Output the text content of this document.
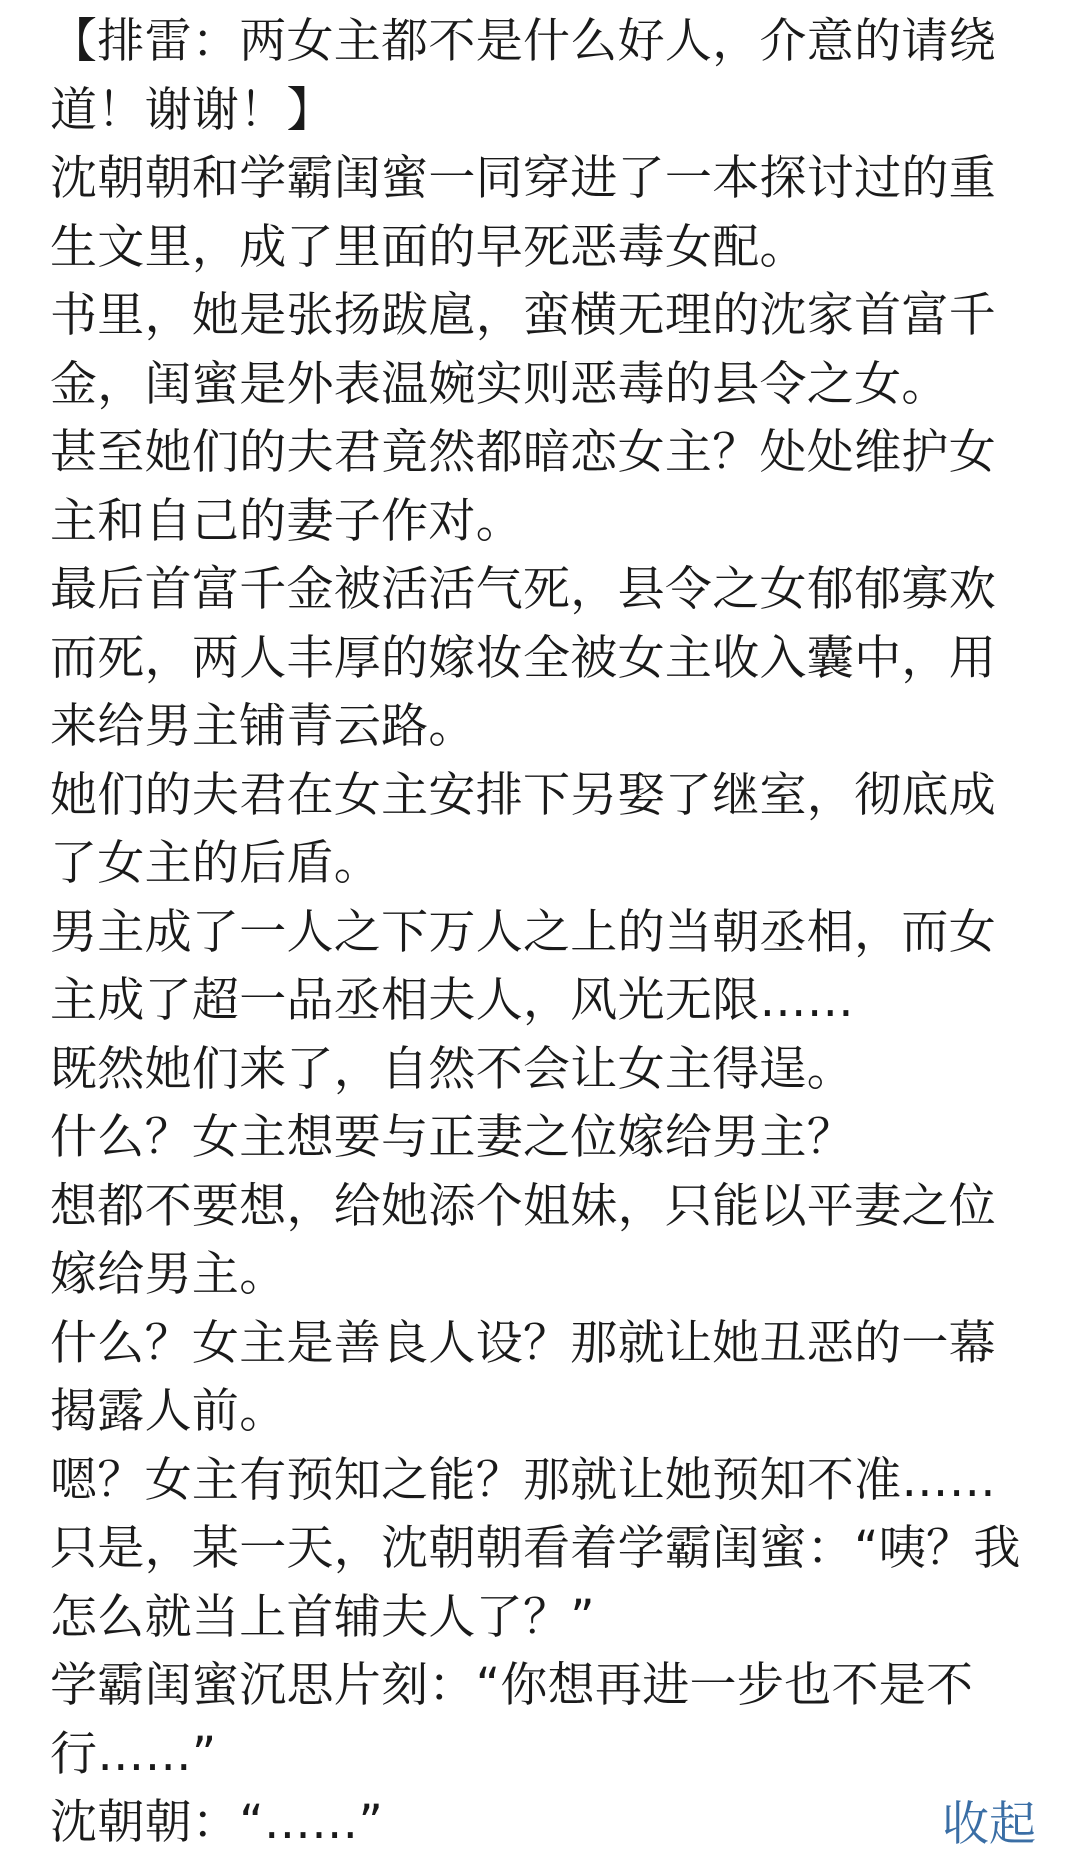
【排雷：两女主都不是什么好人，介意的请绕道！谢谢！】

沈朝朝和学霸闺蜜一同穿进了一本探讨过的重生文里，成了里面的早死恶毒女配。

书里，她是张扬跋扈，蛮横无理的沈家首富千金，闺蜜是外表温婉实则恶毒的县令之女。

甚至她们的夫君竟然都暗恋女主？处处维护女主和自己的妻子作对。

最后首富千金被活活气死，县令之女郁郁寡欢而死，两人丰厚的嫁妆全被女主收入囊中，用来给男主铺青云路。

她们的夫君在女主安排下另娶了继室，彻底成了女主的后盾。

男主成了一人之下万人之上的当朝丞相，而女主成了超一品丞相夫人，风光无限……

既然她们来了，自然不会让女主得逞。

什么？女主想要与正妻之位嫁给男主？

想都不要想，给她添个姐妹，只能以平妻之位嫁给男主。

什么？女主是善良人设？那就让她丑恶的一幕揭露人前。

嗯？女主有预知之能？那就让她预知不准……

只是，某一天，沈朝朝看着学霸闺蜜：“咦？我怎么就当上首辅夫人了？”

学霸闺蜜沉思片刻：“你想再进一步也不是不行……”

沈朝朝：“……”	收起
